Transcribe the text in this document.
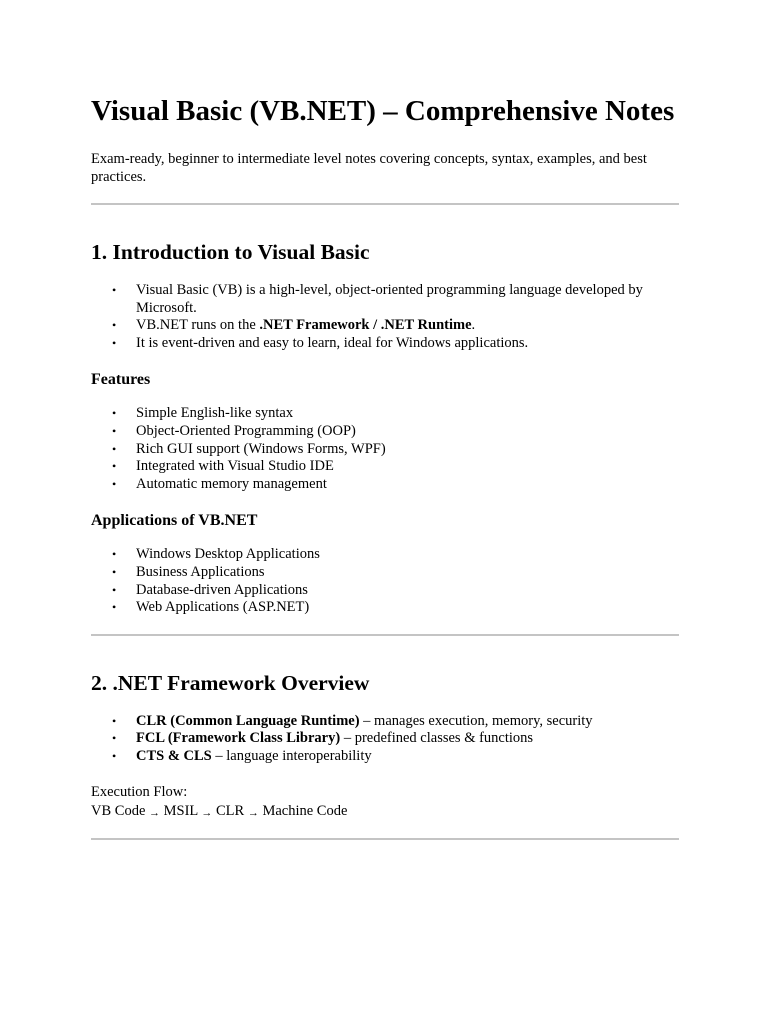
Visual Basic (VB.NET) – Comprehensive Notes

Exam-ready, beginner to intermediate level notes covering concepts, syntax, examples, and best practices.

1. Introduction to Visual Basic
• Visual Basic (VB) is a high-level, object-oriented programming language developed by Microsoft.
• VB.NET runs on the .NET Framework / .NET Runtime.
• It is event-driven and easy to learn, ideal for Windows applications.
Features
• Simple English-like syntax
• Object-Oriented Programming (OOP)
• Rich GUI support (Windows Forms, WPF)
• Integrated with Visual Studio IDE
• Automatic memory management
Applications of VB.NET
• Windows Desktop Applications
• Business Applications
• Database-driven Applications
• Web Applications (ASP.NET)
2. .NET Framework Overview
• CLR (Common Language Runtime) – manages execution, memory, security
• FCL (Framework Class Library) – predefined classes & functions
• CTS & CLS – language interoperability

Execution Flow:

VB Code → MSIL → CLR → Machine Code
